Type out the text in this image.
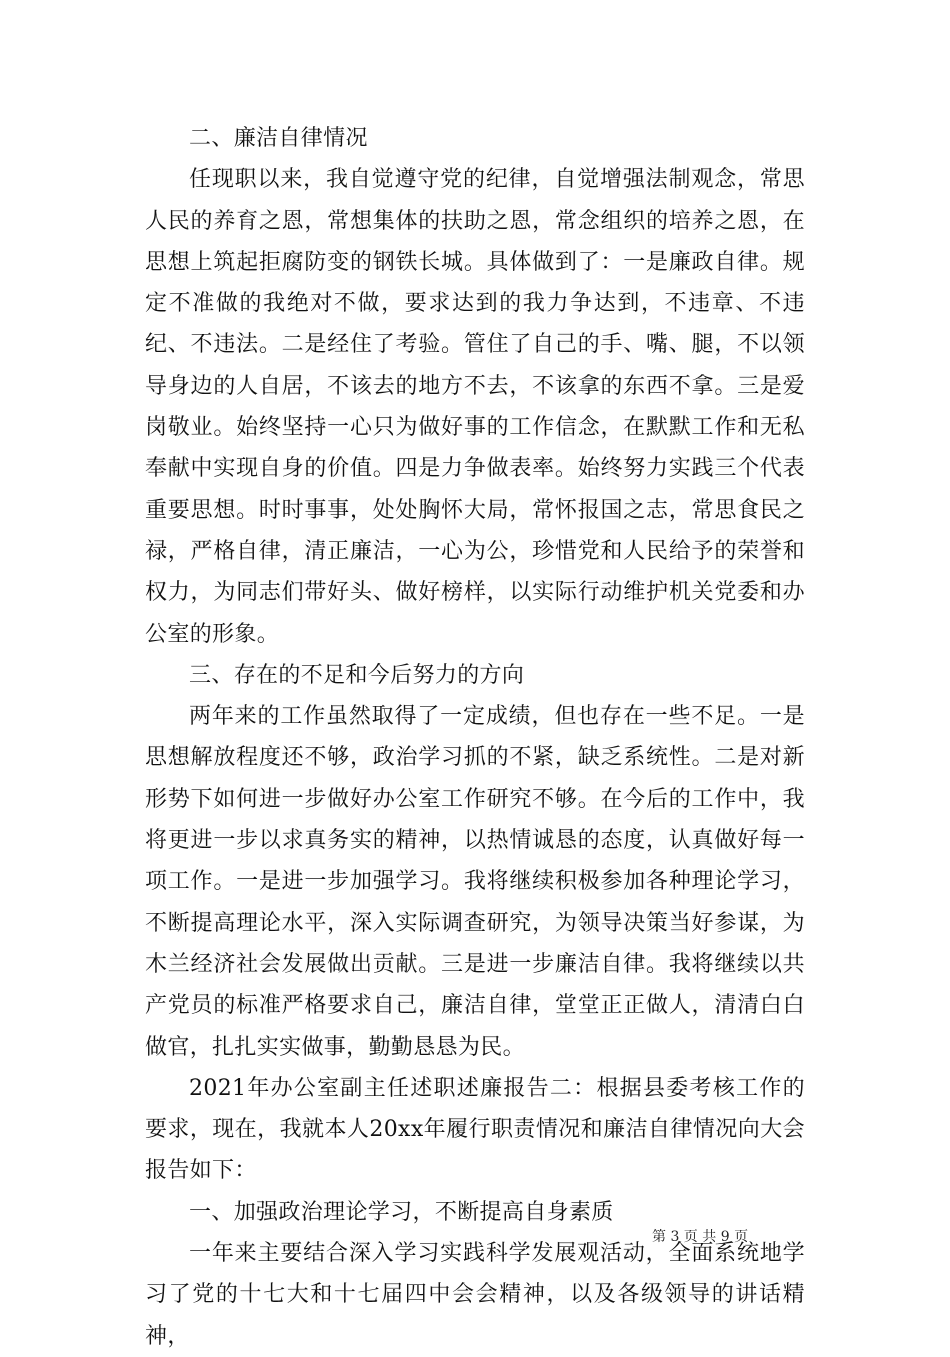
二、廉洁自律情况

任现职以来，我自觉遵守党的纪律，自觉增强法制观念，常思人民的养育之恩，常想集体的扶助之恩，常念组织的培养之恩，在思想上筑起拒腐防变的钢铁长城。具体做到了：一是廉政自律。规定不准做的我绝对不做，要求达到的我力争达到，不违章、不违纪、不违法。二是经住了考验。管住了自己的手、嘴、腿，不以领导身边的人自居，不该去的地方不去，不该拿的东西不拿。三是爱岗敬业。始终坚持一心只为做好事的工作信念，在默默工作和无私奉献中实现自身的价值。四是力争做表率。始终努力实践三个代表重要思想。时时事事，处处胸怀大局，常怀报国之志，常思食民之禄，严格自律，清正廉洁，一心为公，珍惜党和人民给予的荣誉和权力，为同志们带好头、做好榜样，以实际行动维护机关党委和办公室的形象。

三、存在的不足和今后努力的方向

两年来的工作虽然取得了一定成绩，但也存在一些不足。一是思想解放程度还不够，政治学习抓的不紧，缺乏系统性。二是对新形势下如何进一步做好办公室工作研究不够。在今后的工作中，我将更进一步以求真务实的精神，以热情诚恳的态度，认真做好每一项工作。一是进一步加强学习。我将继续积极参加各种理论学习，不断提高理论水平，深入实际调查研究，为领导决策当好参谋，为木兰经济社会发展做出贡献。三是进一步廉洁自律。我将继续以共产党员的标准严格要求自己，廉洁自律，堂堂正正做人，清清白白做官，扎扎实实做事，勤勤恳恳为民。

2021年办公室副主任述职述廉报告二：根据县委考核工作的要求，现在，我就本人20xx年履行职责情况和廉洁自律情况向大会报告如下：

一、加强政治理论学习，不断提高自身素质

一年来主要结合深入学习实践科学发展观活动，全面系统地学习了党的十七大和十七届四中会会精神，以及各级领导的讲话精神，

第 3 页 共 9 页
